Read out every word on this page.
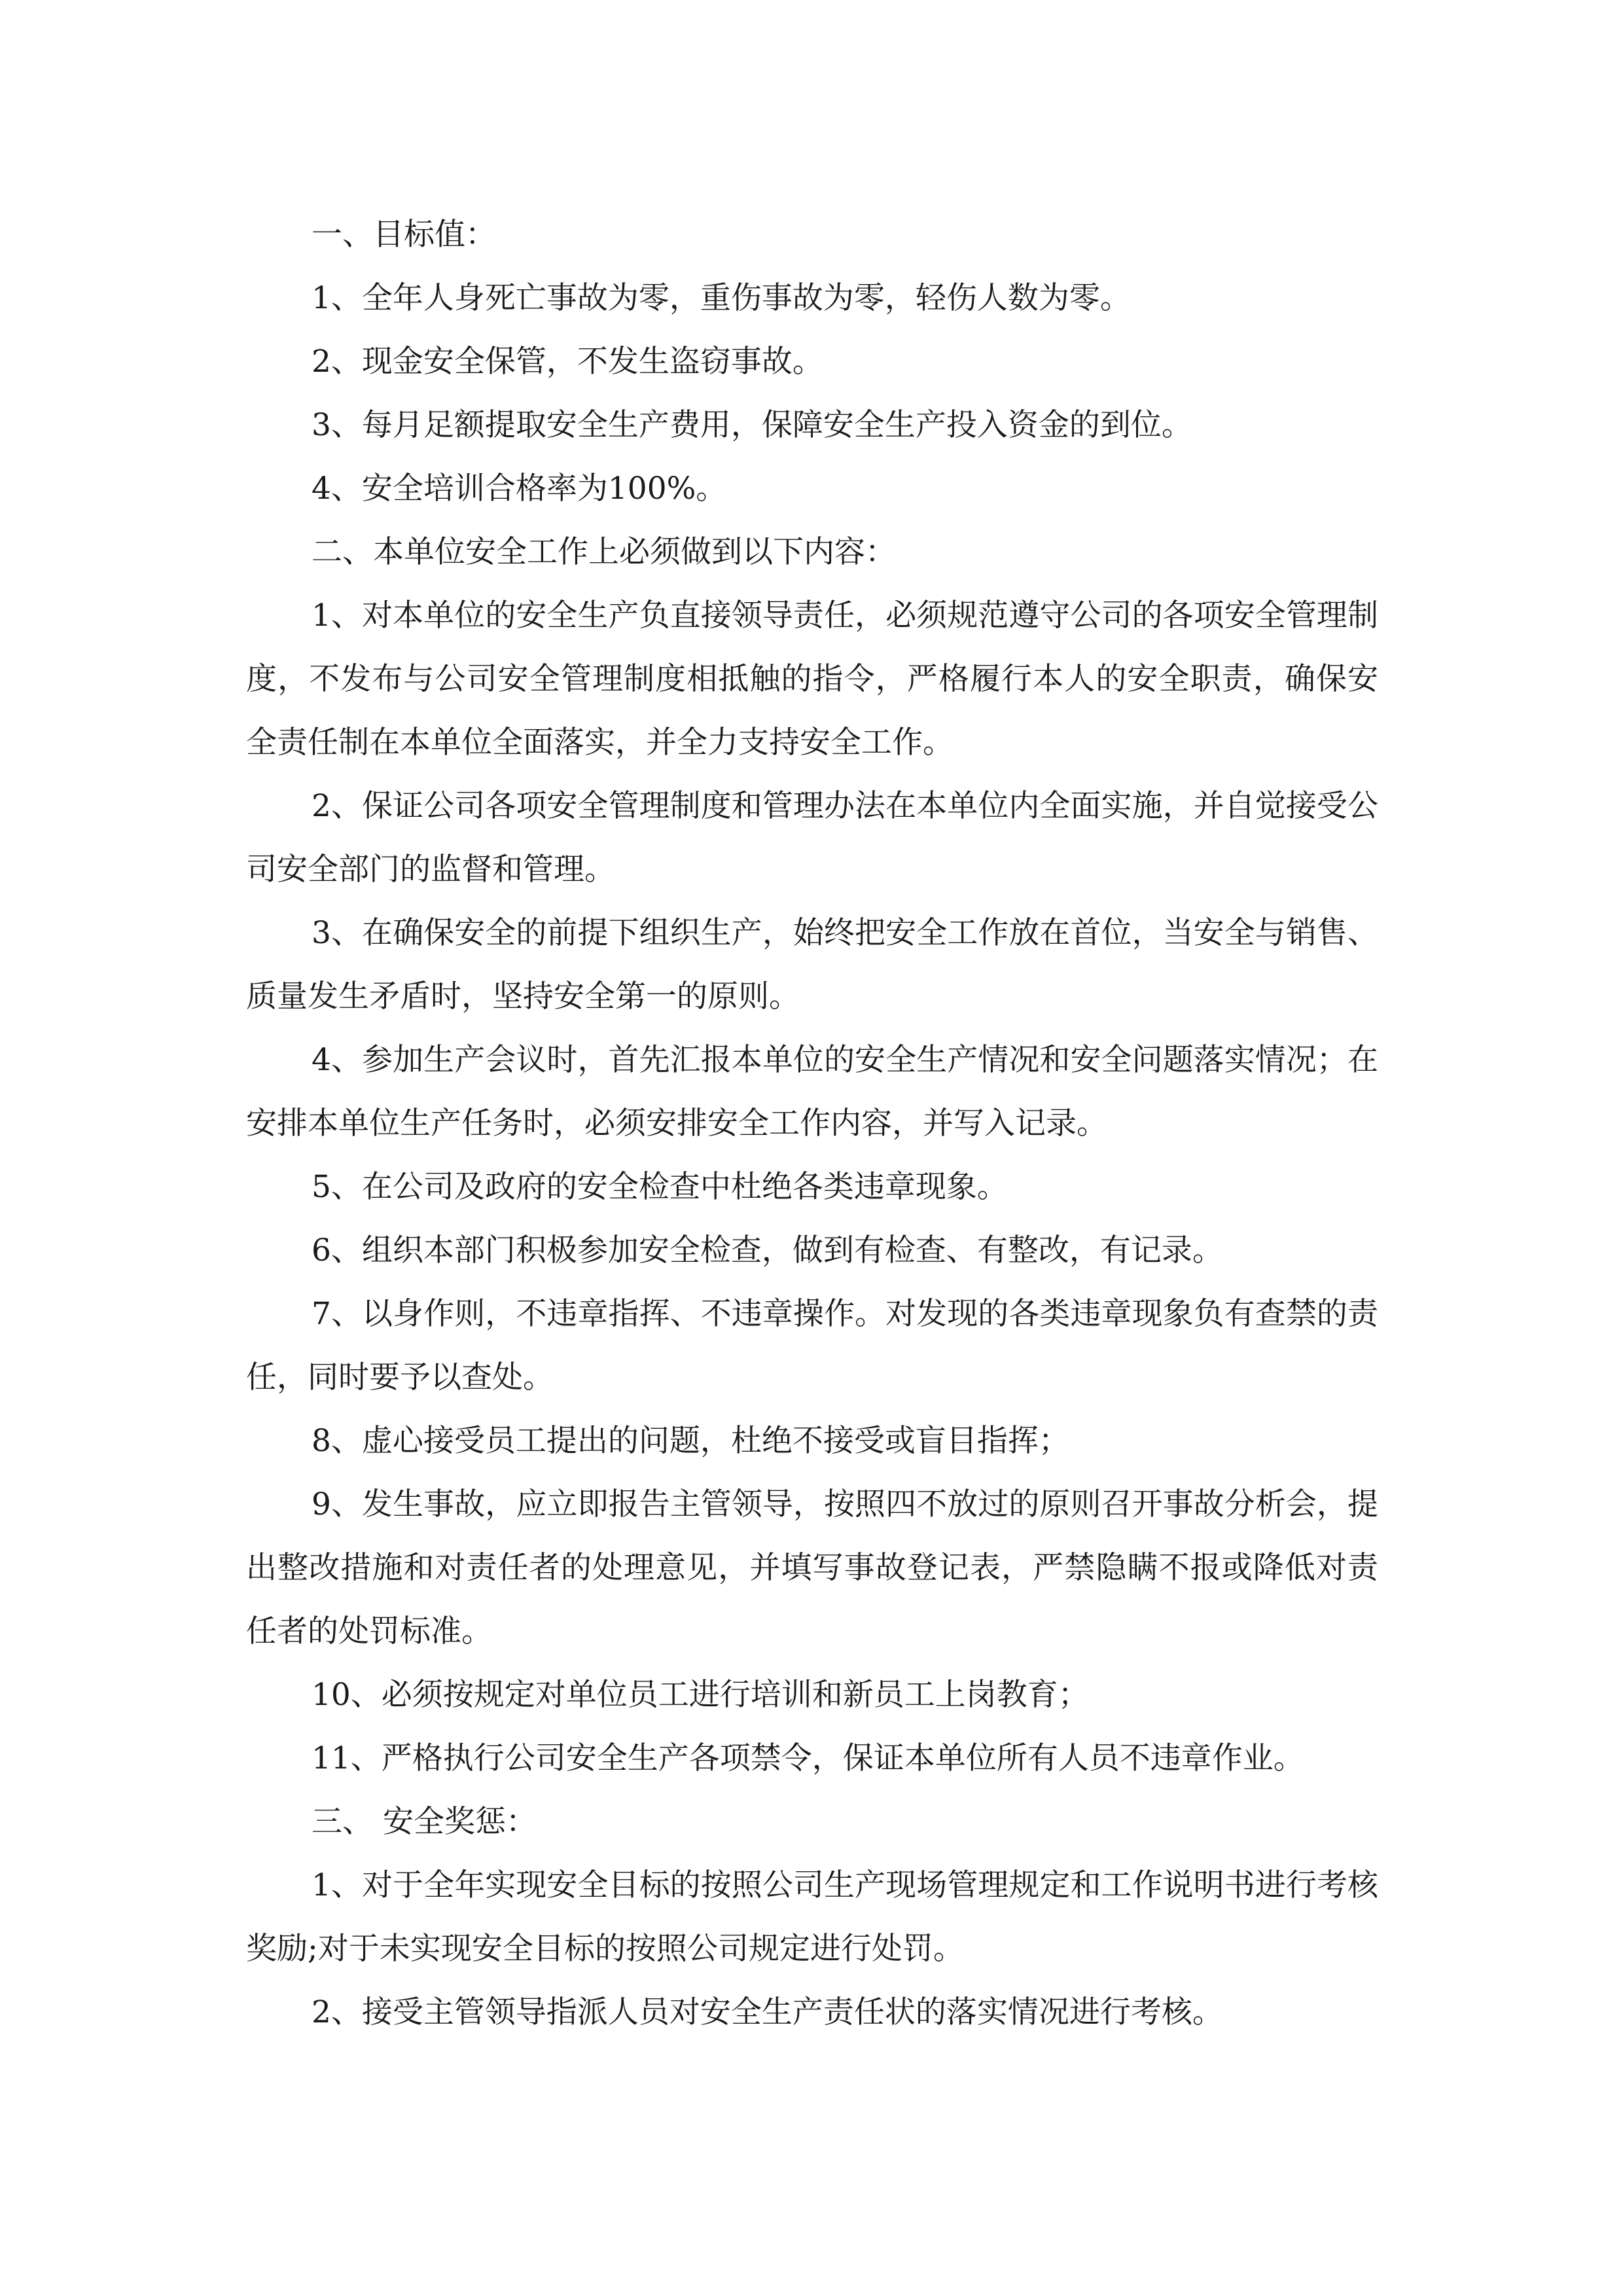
一、目标值：

1、全年人身死亡事故为零，重伤事故为零，轻伤人数为零。

2、现金安全保管，不发生盗窃事故。

3、每月足额提取安全生产费用，保障安全生产投入资金的到位。

4、安全培训合格率为100%。

二、本单位安全工作上必须做到以下内容：

1、对本单位的安全生产负直接领导责任，必须规范遵守公司的各项安全管理制度，不发布与公司安全管理制度相抵触的指令，严格履行本人的安全职责，确保安全责任制在本单位全面落实，并全力支持安全工作。

2、保证公司各项安全管理制度和管理办法在本单位内全面实施，并自觉接受公司安全部门的监督和管理。

3、在确保安全的前提下组织生产，始终把安全工作放在首位，当安全与销售、质量发生矛盾时，坚持安全第一的原则。

4、参加生产会议时，首先汇报本单位的安全生产情况和安全问题落实情况；在安排本单位生产任务时，必须安排安全工作内容，并写入记录。

5、在公司及政府的安全检查中杜绝各类违章现象。

6、组织本部门积极参加安全检查，做到有检查、有整改，有记录。

7、以身作则，不违章指挥、不违章操作。对发现的各类违章现象负有查禁的责任，同时要予以查处。

8、虚心接受员工提出的问题，杜绝不接受或盲目指挥；

9、发生事故，应立即报告主管领导，按照四不放过的原则召开事故分析会，提出整改措施和对责任者的处理意见，并填写事故登记表，严禁隐瞒不报或降低对责任者的处罚标准。

10、必须按规定对单位员工进行培训和新员工上岗教育；

11、严格执行公司安全生产各项禁令，保证本单位所有人员不违章作业。

三、 安全奖惩：

1、对于全年实现安全目标的按照公司生产现场管理规定和工作说明书进行考核奖励;对于未实现安全目标的按照公司规定进行处罚。

2、接受主管领导指派人员对安全生产责任状的落实情况进行考核。
